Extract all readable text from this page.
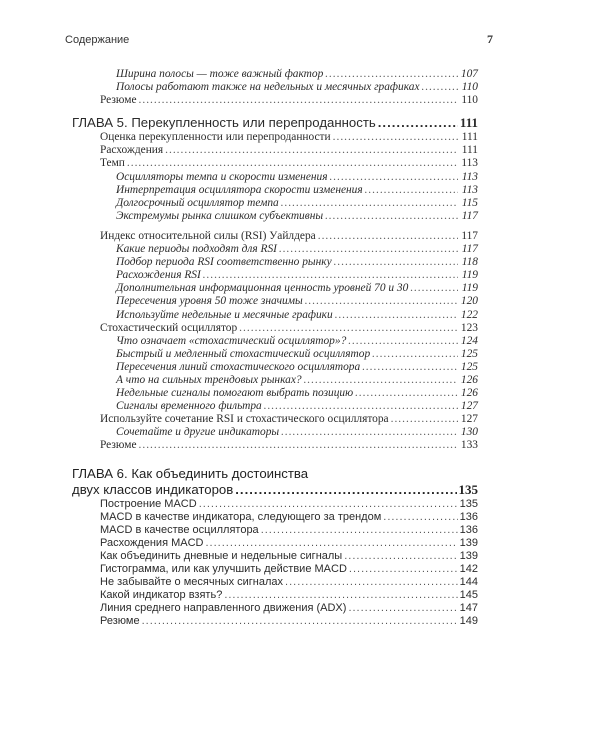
Содержание	7
Ширина полосы — тоже важный фактор .....	107
Полосы работают также на недельных и месячных графиках .....	110
Резюме .....	110
ГЛАВА 5. Перекупленность или перепроданность .....	111
Оценка перекупленности или перепроданности .....	111
Расхождения .....	111
Темп .....	113
Осцилляторы темпа и скорости изменения .....	113
Интерпретация осциллятора скорости изменения .....	113
Долгосрочный осциллятор темпа .....	115
Экстремумы рынка слишком субъективны .....	117
Индекс относительной силы (RSI) Уайлдера .....	117
Какие периоды подходят для RSI .....	117
Подбор периода RSI соответственно рынку .....	118
Расхождения RSI .....	119
Дополнительная информационная ценность уровней 70 и 30 .....	119
Пересечения уровня 50 тоже значимы .....	120
Используйте недельные и месячные графики .....	122
Стохастический осциллятор .....	123
Что означает «стохастический осциллятор»? .....	124
Быстрый и медленный стохастический осциллятор .....	125
Пересечения линий стохастического осциллятора .....	125
А что на сильных трендовых рынках? .....	126
Недельные сигналы помогают выбрать позицию .....	126
Сигналы временного фильтра .....	127
Используйте сочетание RSI и стохастического осциллятора .....	127
Сочетайте и другие индикаторы .....	130
Резюме .....	133
ГЛАВА 6. Как объединить достоинства
двух классов индикаторов .....	135
Построение MACD .....	135
MACD в качестве индикатора, следующего за трендом .....	136
MACD в качестве осциллятора .....	136
Расхождения MACD .....	139
Как объединить дневные и недельные сигналы .....	139
Гистограмма, или как улучшить действие MACD .....	142
Не забывайте о месячных сигналах .....	144
Какой индикатор взять? .....	145
Линия среднего направленного движения (ADX) .....	147
Резюме .....	149
